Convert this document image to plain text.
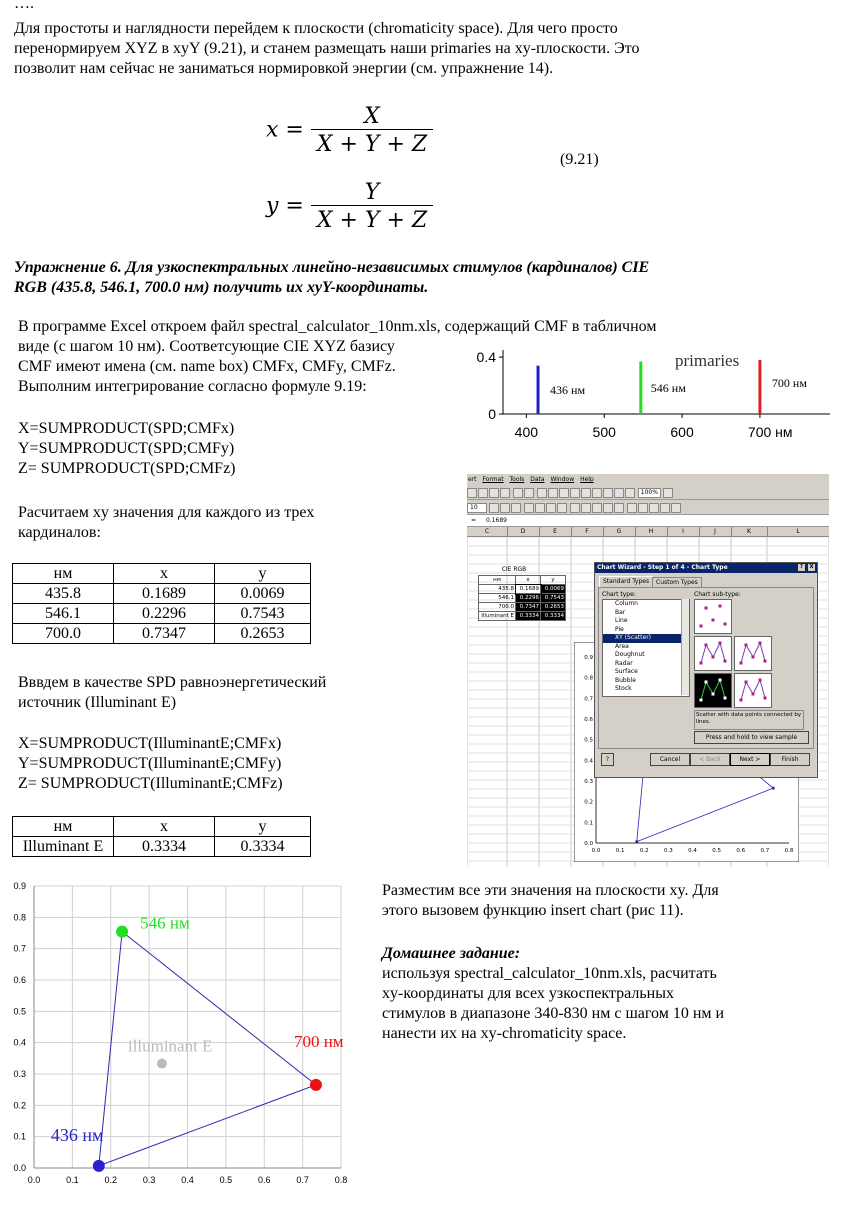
….
Для простоты и наглядности перейдем к плоскости (chromaticity space). Для чего просто
перенормируем XYZ в xyY (9.21), и станем размещать наши primaries на xy-плоскости. Это
позволит нам сейчас не заниматься нормировкой энергии (см. упражнение 14).
$x = \frac{X}{X + Y + Z}$
$y = \frac{Y}{X + Y + Z}$
(9.21)
Упражнение 6. Для узкоспектральных линейно-независимых стимулов (кардиналов) CIE
RGB (435.8, 546.1, 700.0 нм) получить их xyY-координаты.
В программе Excel откроем файл spectral_calculator_10nm.xls, содержащий CMF в табличном
виде (с шагом 10 нм). Соответсующие CIE XYZ базису
CMF имеют имена (см. name box) CMFx, CMFy, CMFz.
Выполним интегрирование согласно формуле 9.19:
X=SUMPRODUCT(SPD;CMFx)
Y=SUMPRODUCT(SPD;CMFy)
Z= SUMPRODUCT(SPD;CMFz)
Расчитаем xy значения для каждого из трех
кардиналов:
нм	x	y
435.8	0.1689	0.0069
546.1	0.2296	0.7543
700.0	0.7347	0.2653
Вввдем в качестве SPD равноэнергетический
источник (Illuminant E)
X=SUMPRODUCT(IlluminantE;CMFx)
Y=SUMPRODUCT(IlluminantE;CMFy)
Z= SUMPRODUCT(IlluminantE;CMFz)
нм	x	y
Illuminant E	0.3334	0.3334
Разместим все эти значения на плоскости xy. Для
этого вызовем функцию insert chart (рис 11).
Домашнее задание:
используя spectral_calculator_10nm.xls, расчитать
xy-координаты для всех узкоспектральных
стимулов в диапазоне 340-830 нм с шагом 10 нм и
нанести их на xy-chromaticity space.
0
0.4
400	500	600	700 нм
436 нм	546 нм	700 нм
primaries
ert Format Tools Data Window Help
100%
10
= 0.1689
C	D	E	F	G	H	I	J	K	L
CIE RGB
нм	x	y
435.8	0.1689	0.0069
546.1	0.2296	0.7543
700.0	0.7347	0.2653
Illuminant E	0.3334	0.3334
0.9
0.8
0.7
0.6
0.5
0.4
0.3
0.2
0.1
0.0
0.0	0.1	0.2	0.3	0.4	0.5	0.6	0.7	0.8
Chart Wizard - Step 1 of 4 - Chart Type	?	X
Standard Types	Custom Types
Chart type:	Chart sub-type:
Column
Bar
Line
Pie
XY (Scatter)
Area
Doughnut
Radar
Surface
Bubble
Stock
Scatter with data points connected by lines.
Press and hold to view sample
?	Cancel	< Back	Next >	Finish
0.0	0.1	0.2	0.3	0.4	0.5	0.6	0.7	0.8
0.0
0.1
0.2
0.3
0.4
0.5
0.6
0.7
0.8
0.9
436 нм
546 нм
700 нм
illuminant E
